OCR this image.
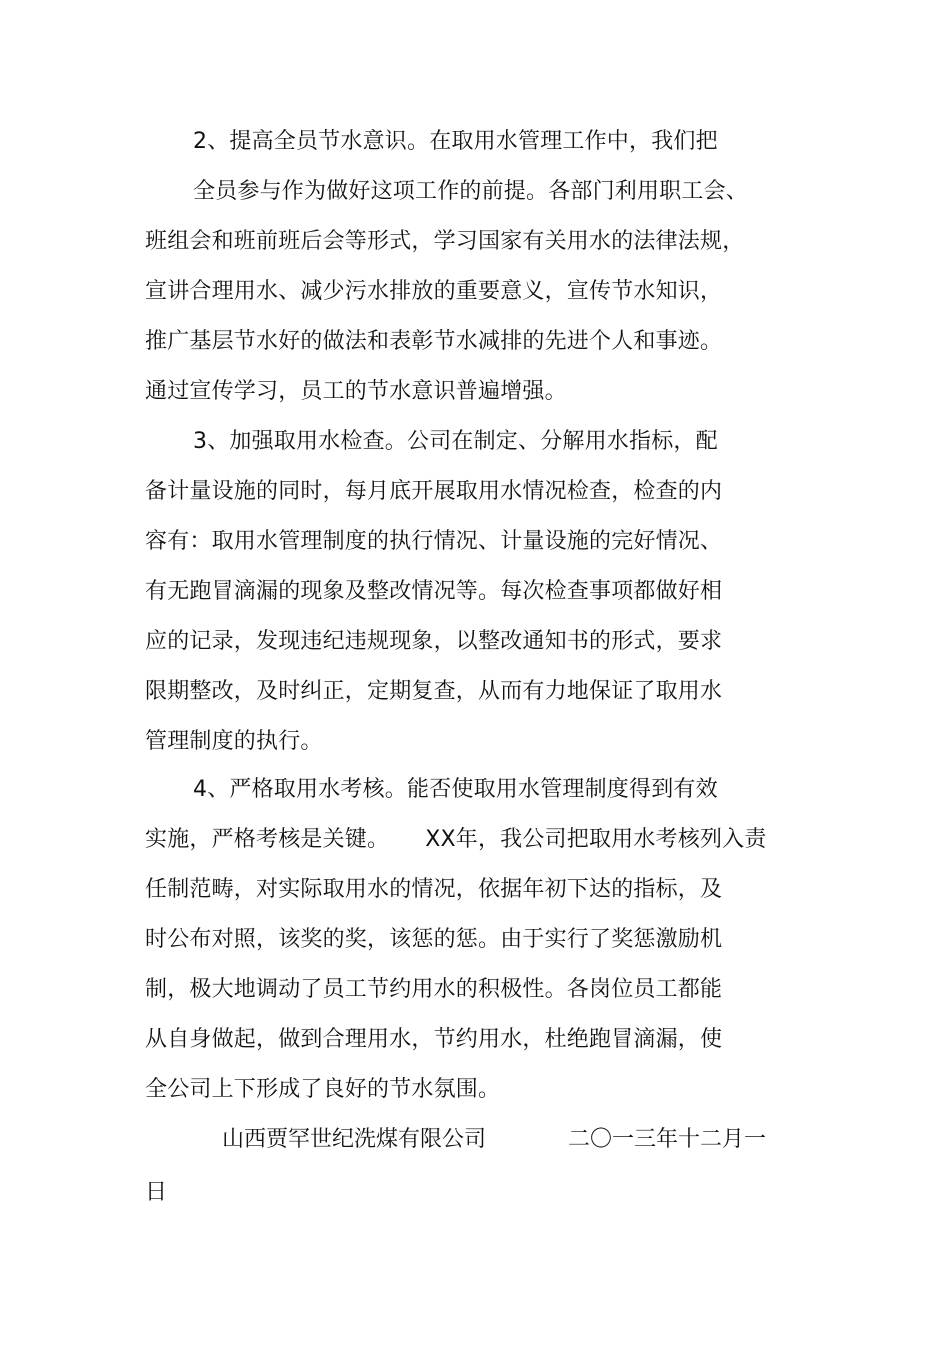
2、提高全员节水意识。在取用水管理工作中，我们把
全员参与作为做好这项工作的前提。各部门利用职工会、
班组会和班前班后会等形式，学习国家有关用水的法律法规，
宣讲合理用水、减少污水排放的重要意义，宣传节水知识，
推广基层节水好的做法和表彰节水减排的先进个人和事迹。
通过宣传学习，员工的节水意识普遍增强。
3、加强取用水检查。公司在制定、分解用水指标，配
备计量设施的同时，每月底开展取用水情况检查，检查的内
容有：取用水管理制度的执行情况、计量设施的完好情况、
有无跑冒滴漏的现象及整改情况等。每次检查事项都做好相
应的记录，发现违纪违规现象，以整改通知书的形式，要求
限期整改，及时纠正，定期复查，从而有力地保证了取用水
管理制度的执行。
4、严格取用水考核。能否使取用水管理制度得到有效
实施，严格考核是关键。 XX年，我公司把取用水考核列入责
任制范畴，对实际取用水的情况，依据年初下达的指标，及
时公布对照，该奖的奖，该惩的惩。由于实行了奖惩激励机
制，极大地调动了员工节约用水的积极性。各岗位员工都能
从自身做起，做到合理用水，节约用水，杜绝跑冒滴漏，使
全公司上下形成了良好的节水氛围。
山西贾罕世纪洗煤有限公司	二〇一三年十二月一
日
